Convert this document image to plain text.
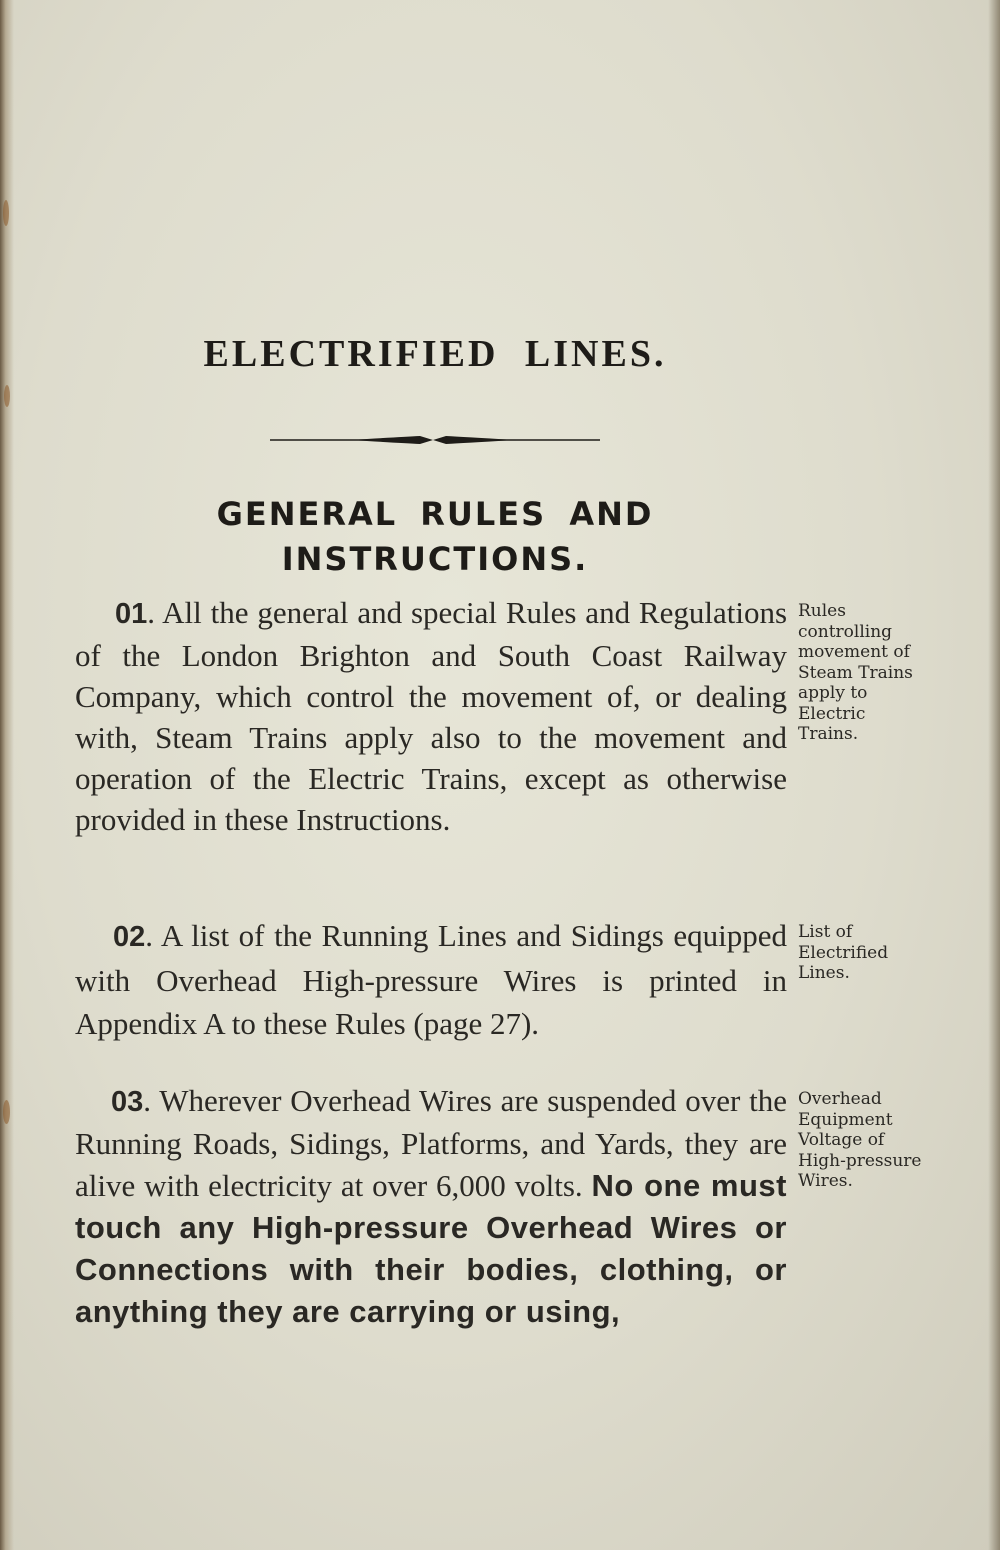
ELECTRIFIED LINES.
GENERAL RULES AND INSTRUCTIONS.

01. All the general and special Rules and Regulations of the London Brighton and South Coast Railway Company, which control the movement of, or dealing with, Steam Trains apply also to the movement and operation of the Electric Trains, except as otherwise provided in these Instructions.

Rules controlling movement of Steam Trains apply to Electric Trains.

02. A list of the Running Lines and Sidings equipped with Overhead High-pressure Wires is printed in Appendix A to these Rules (page 27).

List of Electrified Lines.

03. Wherever Overhead Wires are suspended over the Running Roads, Sidings, Platforms, and Yards, they are alive with electricity at over 6,000 volts. No one must touch any High-pressure Overhead Wires or Connections with their bodies, clothing, or anything they are carrying or using,

Overhead Equipment Voltage of High-pressure Wires.
